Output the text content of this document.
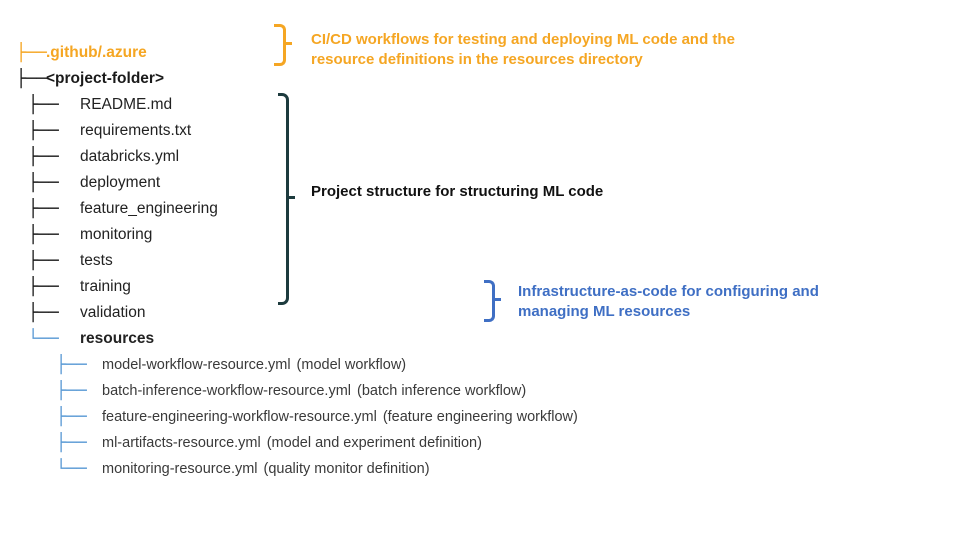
├── .github/.azure
├── <project-folder>
├──	README.md
├──	requirements.txt
├──	databricks.yml
├──	deployment
├──	feature_engineering
├──	monitoring
├──	tests
├──	training
├──	validation
└──	resources
├──	model-workflow-resource.yml (model workflow)
├──	batch-inference-workflow-resource.yml (batch inference workflow)
├──	feature-engineering-workflow-resource.yml (feature engineering workflow)
├──	ml-artifacts-resource.yml (model and experiment definition)
└──	monitoring-resource.yml (quality monitor definition)
CI/CD workflows for testing and deploying ML code and the
resource definitions in the resources directory
Project structure for structuring ML code
Infrastructure-as-code for configuring and
managing ML resources
